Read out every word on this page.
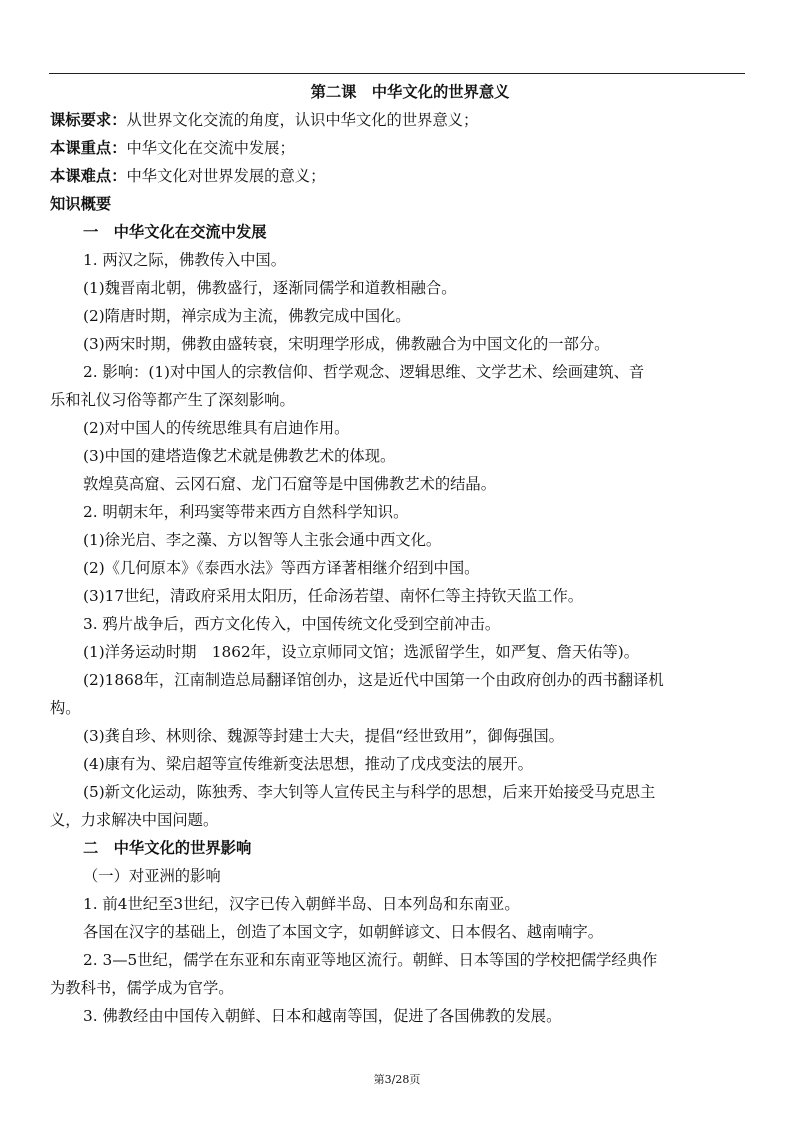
第二课　中华文化的世界意义
课标要求：从世界文化交流的角度，认识中华文化的世界意义；
本课重点：中华文化在交流中发展；
本课难点：中华文化对世界发展的意义；
知识概要
一　中华文化在交流中发展
1. 两汉之际，佛教传入中国。
(1)魏晋南北朝，佛教盛行，逐渐同儒学和道教相融合。
(2)隋唐时期，禅宗成为主流，佛教完成中国化。
(3)两宋时期，佛教由盛转衰，宋明理学形成，佛教融合为中国文化的一部分。
2. 影响：(1)对中国人的宗教信仰、哲学观念、逻辑思维、文学艺术、绘画建筑、音
乐和礼仪习俗等都产生了深刻影响。
(2)对中国人的传统思维具有启迪作用。
(3)中国的建塔造像艺术就是佛教艺术的体现。
敦煌莫高窟、云冈石窟、龙门石窟等是中国佛教艺术的结晶。
2. 明朝末年，利玛窦等带来西方自然科学知识。
(1)徐光启、李之藻、方以智等人主张会通中西文化。
(2)《几何原本》《泰西水法》等西方译著相继介绍到中国。
(3)17世纪，清政府采用太阳历，任命汤若望、南怀仁等主持钦天监工作。
3. 鸦片战争后，西方文化传入，中国传统文化受到空前冲击。
(1)洋务运动时期　1862年，设立京师同文馆；选派留学生，如严复、詹天佑等)。
(2)1868年，江南制造总局翻译馆创办，这是近代中国第一个由政府创办的西书翻译机
构。
(3)龚自珍、林则徐、魏源等封建士大夫，提倡“经世致用”，御侮强国。
(4)康有为、梁启超等宣传维新变法思想，推动了戊戌变法的展开。
(5)新文化运动，陈独秀、李大钊等人宣传民主与科学的思想，后来开始接受马克思主
义，力求解决中国问题。
二　中华文化的世界影响
（一）对亚洲的影响
1. 前4世纪至3世纪，汉字已传入朝鲜半岛、日本列岛和东南亚。
各国在汉字的基础上，创造了本国文字，如朝鲜谚文、日本假名、越南喃字。
2. 3—5世纪，儒学在东亚和东南亚等地区流行。朝鲜、日本等国的学校把儒学经典作
为教科书，儒学成为官学。
3. 佛教经由中国传入朝鲜、日本和越南等国，促进了各国佛教的发展。
第3/28页
